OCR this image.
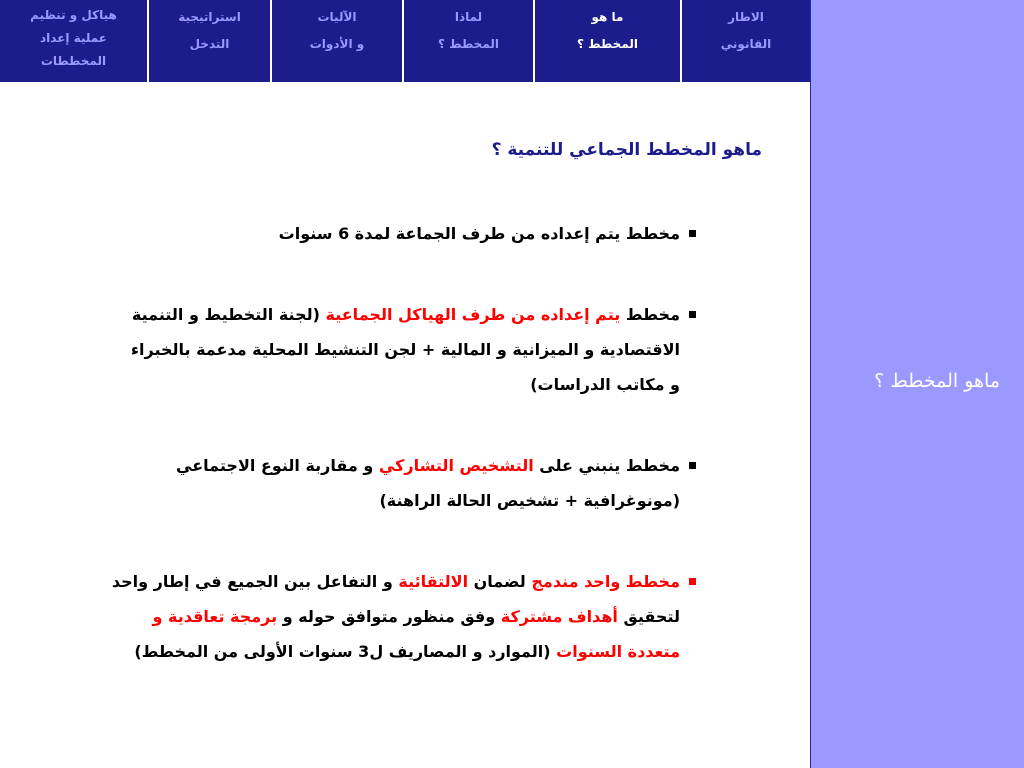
الاطار
القانوني
ما هو
المخطط ؟
لماذا
المخطط ؟
الآليات
و الأدوات
استراتيجية
التدخل
هياكل و تنظيم
عملية إعداد
المخططات
ماهو المخطط ؟
ماهو المخطط الجماعي للتنمية ؟
مخطط يتم إعداده من طرف الجماعة لمدة 6 سنوات
مخطط يتم إعداده من طرف الهياكل الجماعية (لجنة التخطيط و التنمية
الاقتصادية و الميزانية و المالية + لجن التنشيط المحلية مدعمة بالخبراء
و مكاتب الدراسات)
مخطط ينبني على التشخيص التشاركي و مقاربة النوع الاجتماعي
(مونوغرافية + تشخيص الحالة الراهنة)
مخطط واحد مندمج لضمان الالتقائية و التفاعل بين الجميع في إطار واحد
لتحقيق أهداف مشتركة وفق منظور متوافق حوله و برمجة تعاقدية و
متعددة السنوات (الموارد و المصاريف ل3 سنوات الأولى من المخطط)
